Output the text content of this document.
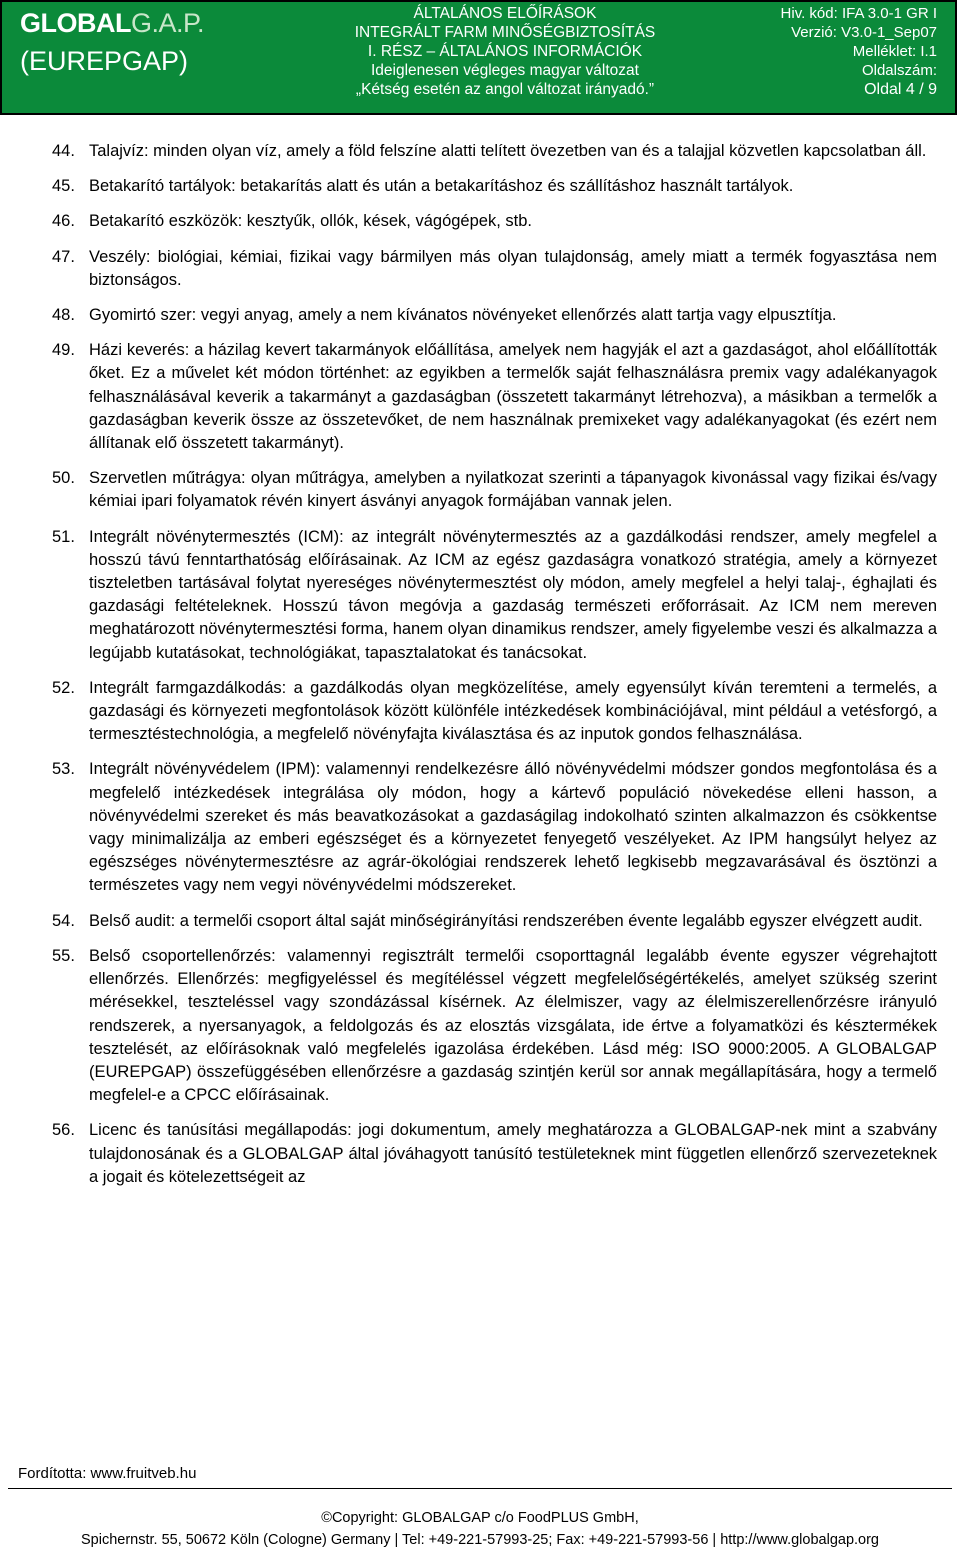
GLOBALG.A.P.
(EUREPGAP)
ÁLTALÁNOS ELŐÍRÁSOK
INTEGRÁLT FARM MINŐSÉGBIZTOSÍTÁS
I. RÉSZ – ÁLTALÁNOS INFORMÁCIÓK
Ideiglenesen végleges magyar változat
„Kétség esetén az angol változat irányadó.”
Hiv. kód: IFA 3.0-1 GR I
Verzió: V3.0-1_Sep07
Melléklet: I.1
Oldalszám:
Oldal 4 / 9
44. Talajvíz: minden olyan víz, amely a föld felszíne alatti telített övezetben van és a talajjal közvetlen kapcsolatban áll.
45. Betakarító tartályok: betakarítás alatt és után a betakarításhoz és szállításhoz használt tartályok.
46. Betakarító eszközök: kesztyűk, ollók, kések, vágógépek, stb.
47. Veszély: biológiai, kémiai, fizikai vagy bármilyen más olyan tulajdonság, amely miatt a termék fogyasztása nem biztonságos.
48. Gyomirtó szer: vegyi anyag, amely a nem kívánatos növényeket ellenőrzés alatt tartja vagy elpusztítja.
49. Házi keverés: a házilag kevert takarmányok előállítása, amelyek nem hagyják el azt a gazdaságot, ahol előállították őket. Ez a művelet két módon történhet: az egyikben a termelők saját felhasználásra premix vagy adalékanyagok felhasználásával keverik a takarmányt a gazdaságban (összetett takarmányt létrehozva), a másikban a termelők a gazdaságban keverik össze az összetevőket, de nem használnak premixeket vagy adalékanyagokat (és ezért nem állítanak elő összetett takarmányt).
50. Szervetlen műtrágya: olyan műtrágya, amelyben a nyilatkozat szerinti a tápanyagok kivonással vagy fizikai és/vagy kémiai ipari folyamatok révén kinyert ásványi anyagok formájában vannak jelen.
51. Integrált növénytermesztés (ICM): az integrált növénytermesztés az a gazdálkodási rendszer, amely megfelel a hosszú távú fenntarthatóság előírásainak. Az ICM az egész gazdaságra vonatkozó stratégia, amely a környezet tiszteletben tartásával folytat nyereséges növénytermesztést oly módon, amely megfelel a helyi talaj-, éghajlati és gazdasági feltételeknek. Hosszú távon megóvja a gazdaság természeti erőforrásait. Az ICM nem mereven meghatározott növénytermesztési forma, hanem olyan dinamikus rendszer, amely figyelembe veszi és alkalmazza a legújabb kutatásokat, technológiákat, tapasztalatokat és tanácsokat.
52. Integrált farmgazdálkodás: a gazdálkodás olyan megközelítése, amely egyensúlyt kíván teremteni a termelés, a gazdasági és környezeti megfontolások között különféle intézkedések kombinációjával, mint például a vetésforgó, a termesztéstechnológia, a megfelelő növényfajta kiválasztása és az inputok gondos felhasználása.
53. Integrált növényvédelem (IPM): valamennyi rendelkezésre álló növényvédelmi módszer gondos megfontolása és a megfelelő intézkedések integrálása oly módon, hogy a kártevő populáció növekedése elleni hasson, a növényvédelmi szereket és más beavatkozásokat a gazdaságilag indokolható szinten alkalmazzon és csökkentse vagy minimalizálja az emberi egészséget és a környezetet fenyegető veszélyeket. Az IPM hangsúlyt helyez az egészséges növénytermesztésre az agrár-ökológiai rendszerek lehető legkisebb megzavarásával és ösztönzi a természetes vagy nem vegyi növényvédelmi módszereket.
54. Belső audit: a termelői csoport által saját minőségirányítási rendszerében évente legalább egyszer elvégzett audit.
55. Belső csoportellenőrzés: valamennyi regisztrált termelői csoporttagnál legalább évente egyszer végrehajtott ellenőrzés. Ellenőrzés: megfigyeléssel és megítéléssel végzett megfelelőségértékelés, amelyet szükség szerint mérésekkel, teszteléssel vagy szondázással kísérnek. Az élelmiszer, vagy az élelmiszerellenőrzésre irányuló rendszerek, a nyersanyagok, a feldolgozás és az elosztás vizsgálata, ide értve a folyamatközi és késztermékek tesztelését, az előírásoknak való megfelelés igazolása érdekében. Lásd még: ISO 9000:2005. A GLOBALGAP (EUREPGAP) összefüggésében ellenőrzésre a gazdaság szintjén kerül sor annak megállapítására, hogy a termelő megfelel-e a CPCC előírásainak.
56. Licenc és tanúsítási megállapodás: jogi dokumentum, amely meghatározza a GLOBALGAP-nek mint a szabvány tulajdonosának és a GLOBALGAP által jóváhagyott tanúsító testületeknek mint független ellenőrző szervezeteknek a jogait és kötelezettségeit az
Fordította: www.fruitveb.hu
©Copyright: GLOBALGAP c/o FoodPLUS GmbH,
Spichernstr. 55, 50672 Köln (Cologne) Germany | Tel: +49-221-57993-25; Fax: +49-221-57993-56 | http://www.globalgap.org
